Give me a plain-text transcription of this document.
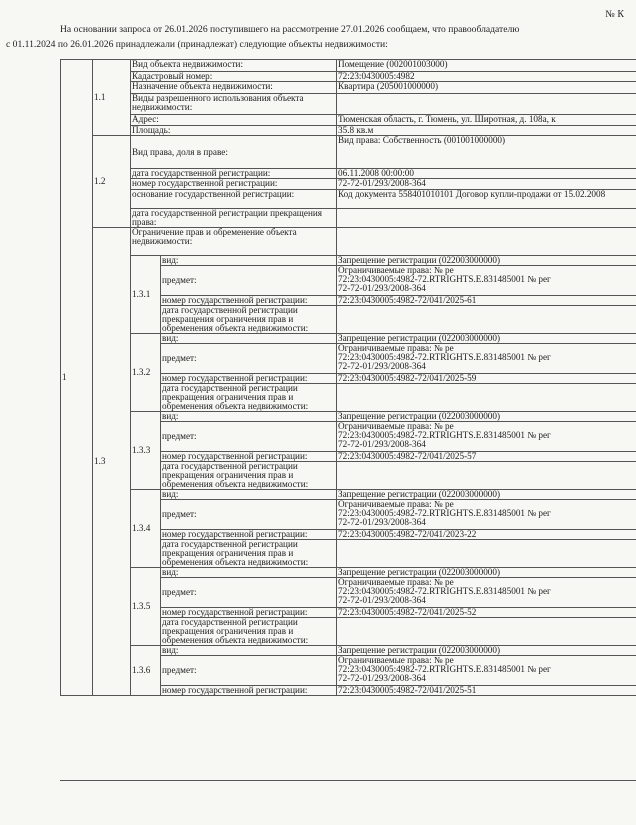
№ К
На основании запроса от 26.01.2026 поступившего на рассмотрение 27.01.2026 сообщаем, что правообладателю
с 01.11.2024 по 26.01.2026 принадлежали (принадлежат) следующие объекты недвижимости:
1	1.1	Вид объекта недвижимости:		Помещение (002001003000)
		Кадастровый номер:		72:23:0430005:4982
		Назначение объекта недвижимости:		Квартира (205001000000)
		Виды разрешенного использования объекта недвижимости:		
		Адрес:		Тюменская область, г. Тюмень, ул. Широтная, д. 108а, к
		Площадь:		35.8 кв.м
	1.2	Вид права, доля в праве:		Вид права: Собственность (001001000000)
		дата государственной регистрации:		06.11.2008 00:00:00
		номер государственной регистрации:		72-72-01/293/2008-364
		основание государственной регистрации:		Код документа 558401010101 Договор купли-продажи от 15.02.2008
		дата государственной регистрации прекращения права:		
	1.3	Ограничение прав и обременение объекта недвижимости:		
		1.3.1	вид:	Запрещение регистрации (022003000000)
			предмет:	Ограничиваемые права: № ре
72:23:0430005:4982-72.RTRIGHTS.E.831485001 № рег
72-72-01/293/2008-364

			номер государственной регистрации:	72:23:0430005:4982-72/041/2025-61
			дата государственной регистрации прекращения ограничения прав и обременения объекта недвижимости:	
		1.3.2	вид:	Запрещение регистрации (022003000000)
			предмет:	Ограничиваемые права: № ре
72:23:0430005:4982-72.RTRIGHTS.E.831485001 № рег
72-72-01/293/2008-364

			номер государственной регистрации:	72:23:0430005:4982-72/041/2025-59
			дата государственной регистрации прекращения ограничения прав и обременения объекта недвижимости:	
		1.3.3	вид:	Запрещение регистрации (022003000000)
			предмет:	Ограничиваемые права: № ре
72:23:0430005:4982-72.RTRIGHTS.E.831485001 № рег
72-72-01/293/2008-364

			номер государственной регистрации:	72:23:0430005:4982-72/041/2025-57
			дата государственной регистрации прекращения ограничения прав и обременения объекта недвижимости:	
		1.3.4	вид:	Запрещение регистрации (022003000000)
			предмет:	Ограничиваемые права: № ре
72:23:0430005:4982-72.RTRIGHTS.E.831485001 № рег
72-72-01/293/2008-364

			номер государственной регистрации:	72:23:0430005:4982-72/041/2023-22
			дата государственной регистрации прекращения ограничения прав и обременения объекта недвижимости:	
		1.3.5	вид:	Запрещение регистрации (022003000000)
			предмет:	Ограничиваемые права: № ре
72:23:0430005:4982-72.RTRIGHTS.E.831485001 № рег
72-72-01/293/2008-364

			номер государственной регистрации:	72:23:0430005:4982-72/041/2025-52
			дата государственной регистрации прекращения ограничения прав и обременения объекта недвижимости:	
		1.3.6	вид:	Запрещение регистрации (022003000000)
			предмет:	Ограничиваемые права: № ре
72:23:0430005:4982-72.RTRIGHTS.E.831485001 № рег
72-72-01/293/2008-364

			номер государственной регистрации:	72:23:0430005:4982-72/041/2025-51
